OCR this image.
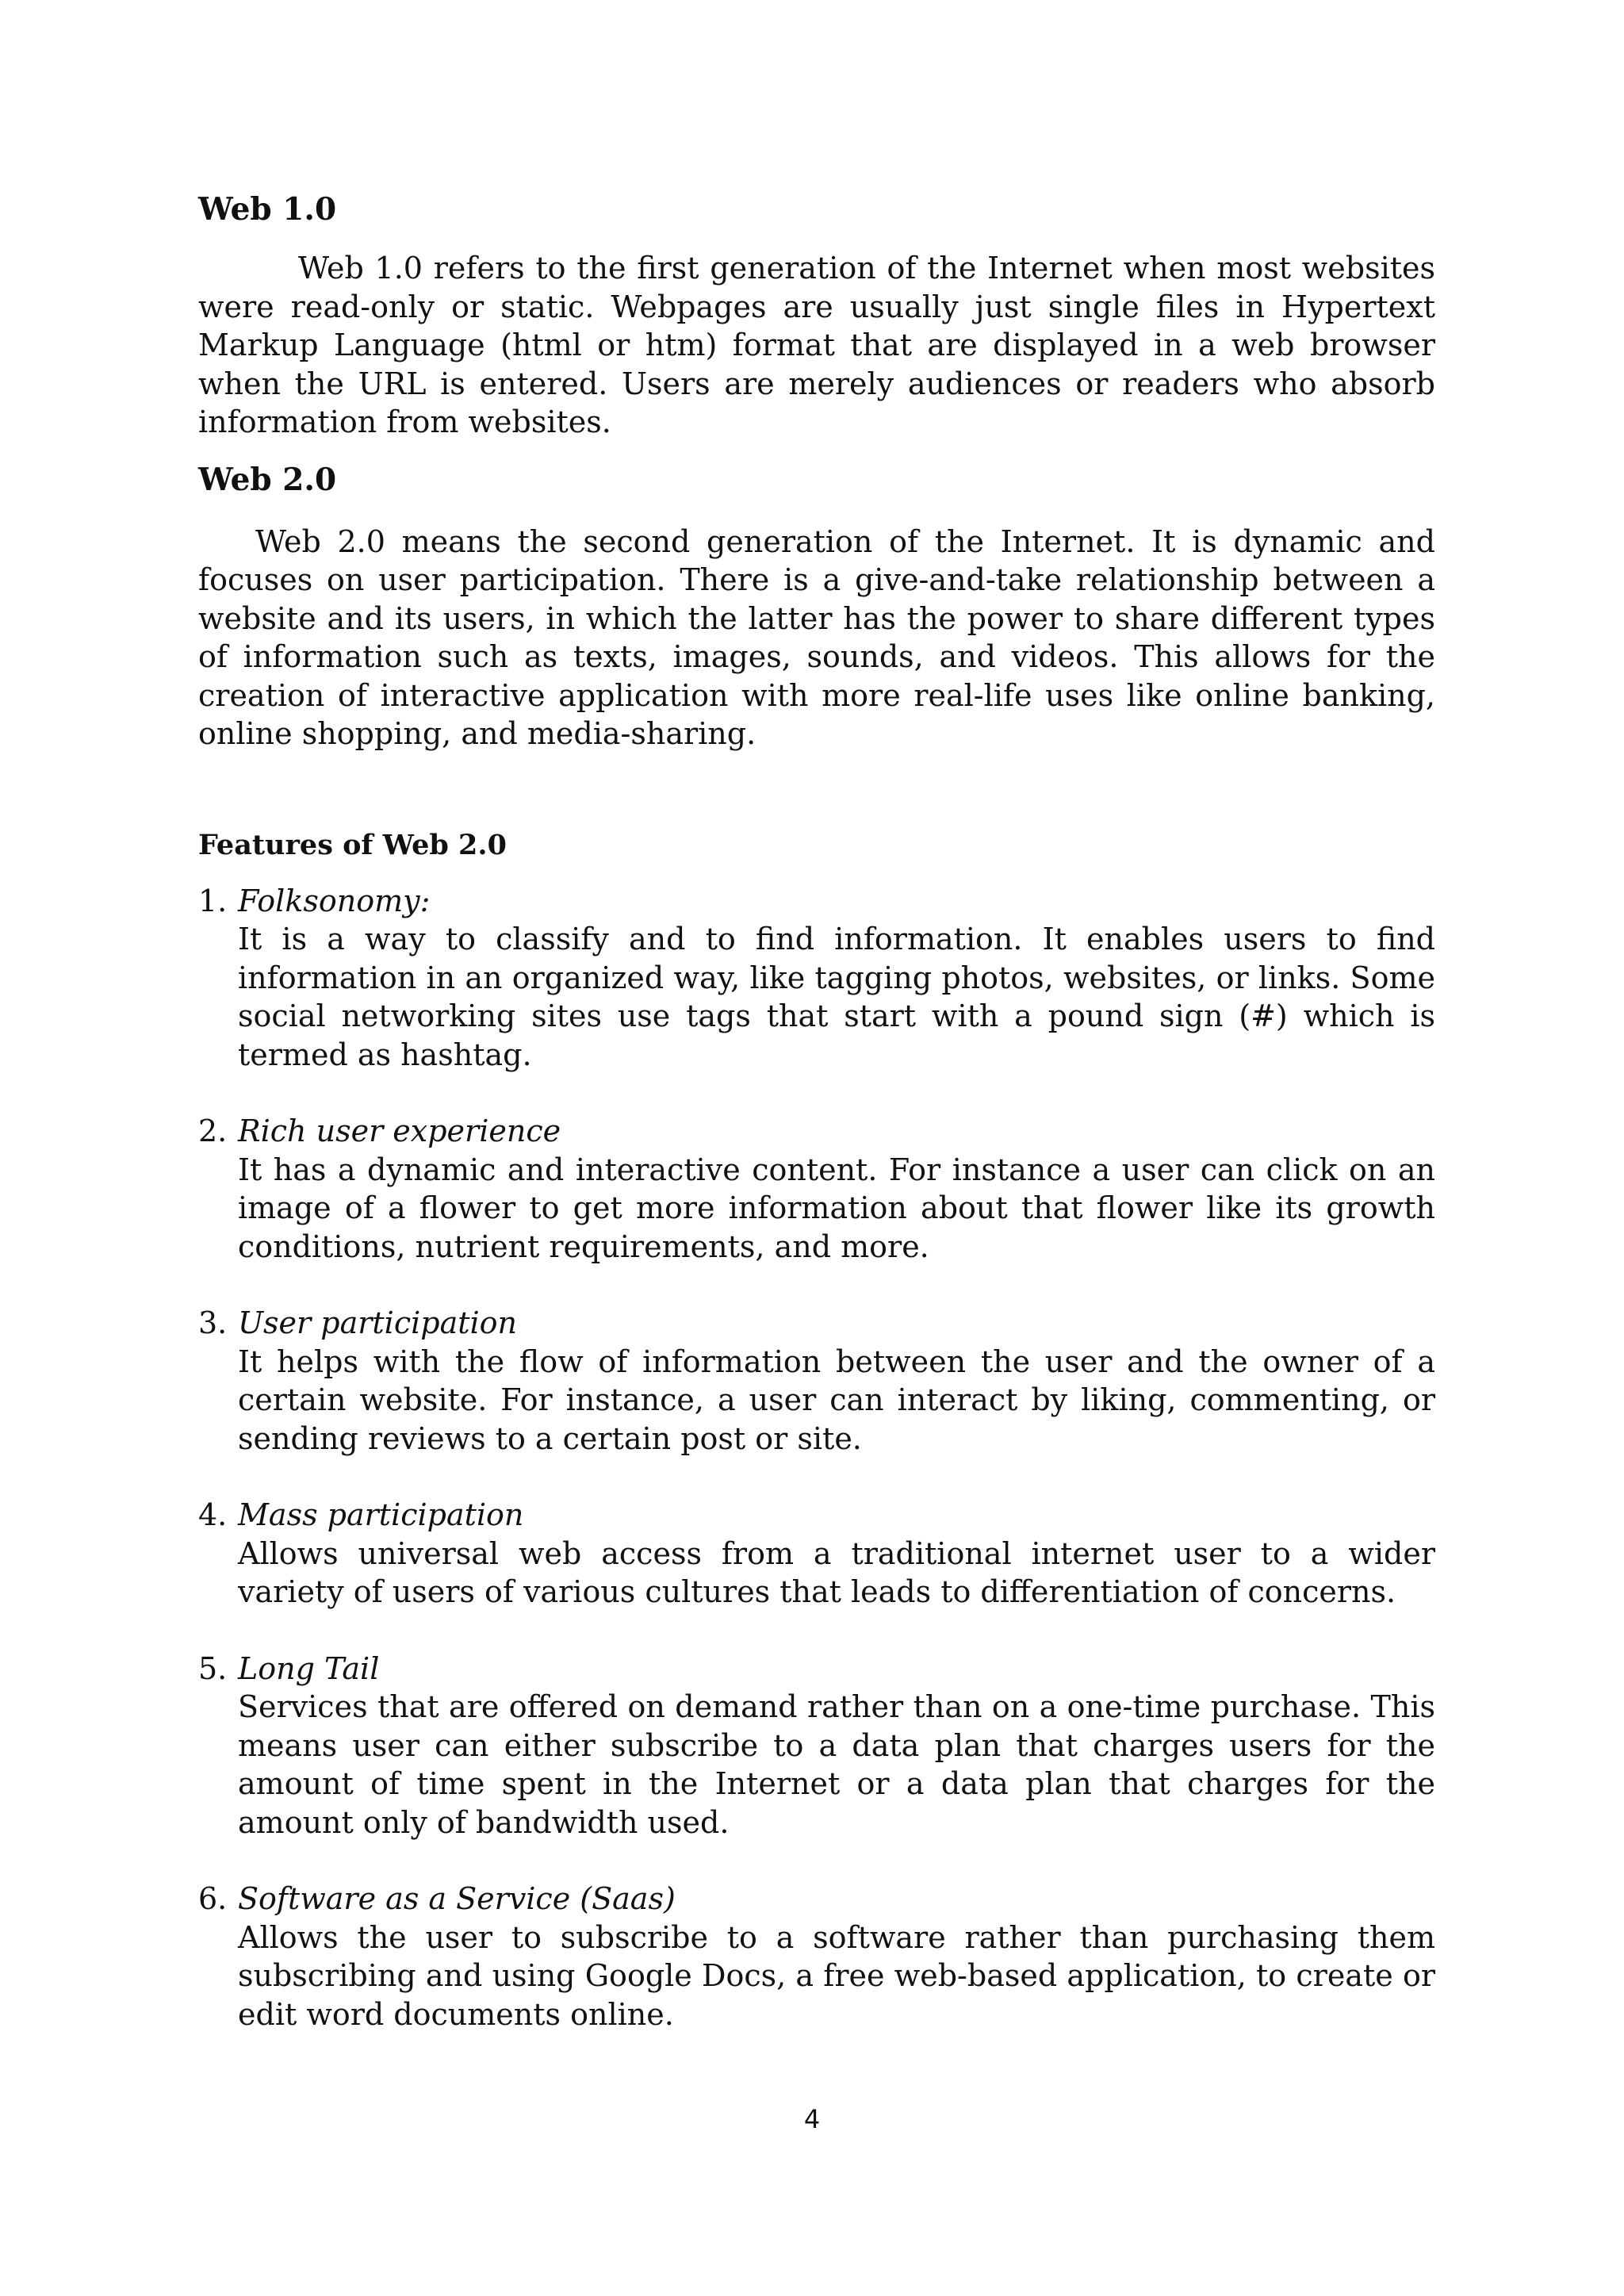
Web 1.0

Web 1.0 refers to the first generation of the Internet when most websites were read-only or static. Webpages are usually just single files in Hypertext Markup Language (html or htm) format that are displayed in a web browser when the URL is entered. Users are merely audiences or readers who absorb information from websites.

Web 2.0

Web 2.0 means the second generation of the Internet. It is dynamic and focuses on user participation. There is a give-and-take relationship between a website and its users, in which the latter has the power to share different types of information such as texts, images, sounds, and videos. This allows for the creation of interactive application with more real-life uses like online banking, online shopping, and media-sharing.

Features of Web 2.0
1. Folksonomy:
It is a way to classify and to find information. It enables users to find information in an organized way, like tagging photos, websites, or links. Some social networking sites use tags that start with a pound sign (#) which is termed as hashtag.
2. Rich user experience
It has a dynamic and interactive content. For instance a user can click on an image of a flower to get more information about that flower like its growth conditions, nutrient requirements, and more.
3. User participation
It helps with the flow of information between the user and the owner of a certain website. For instance, a user can interact by liking, commenting, or sending reviews to a certain post or site.
4. Mass participation
Allows universal web access from a traditional internet user to a wider variety of users of various cultures that leads to differentiation of concerns.
5. Long Tail
Services that are offered on demand rather than on a one-time purchase. This means user can either subscribe to a data plan that charges users for the amount of time spent in the Internet or a data plan that charges for the amount only of bandwidth used.
6. Software as a Service (Saas)
Allows the user to subscribe to a software rather than purchasing them subscribing and using Google Docs, a free web-based application, to create or edit word documents online.
4
